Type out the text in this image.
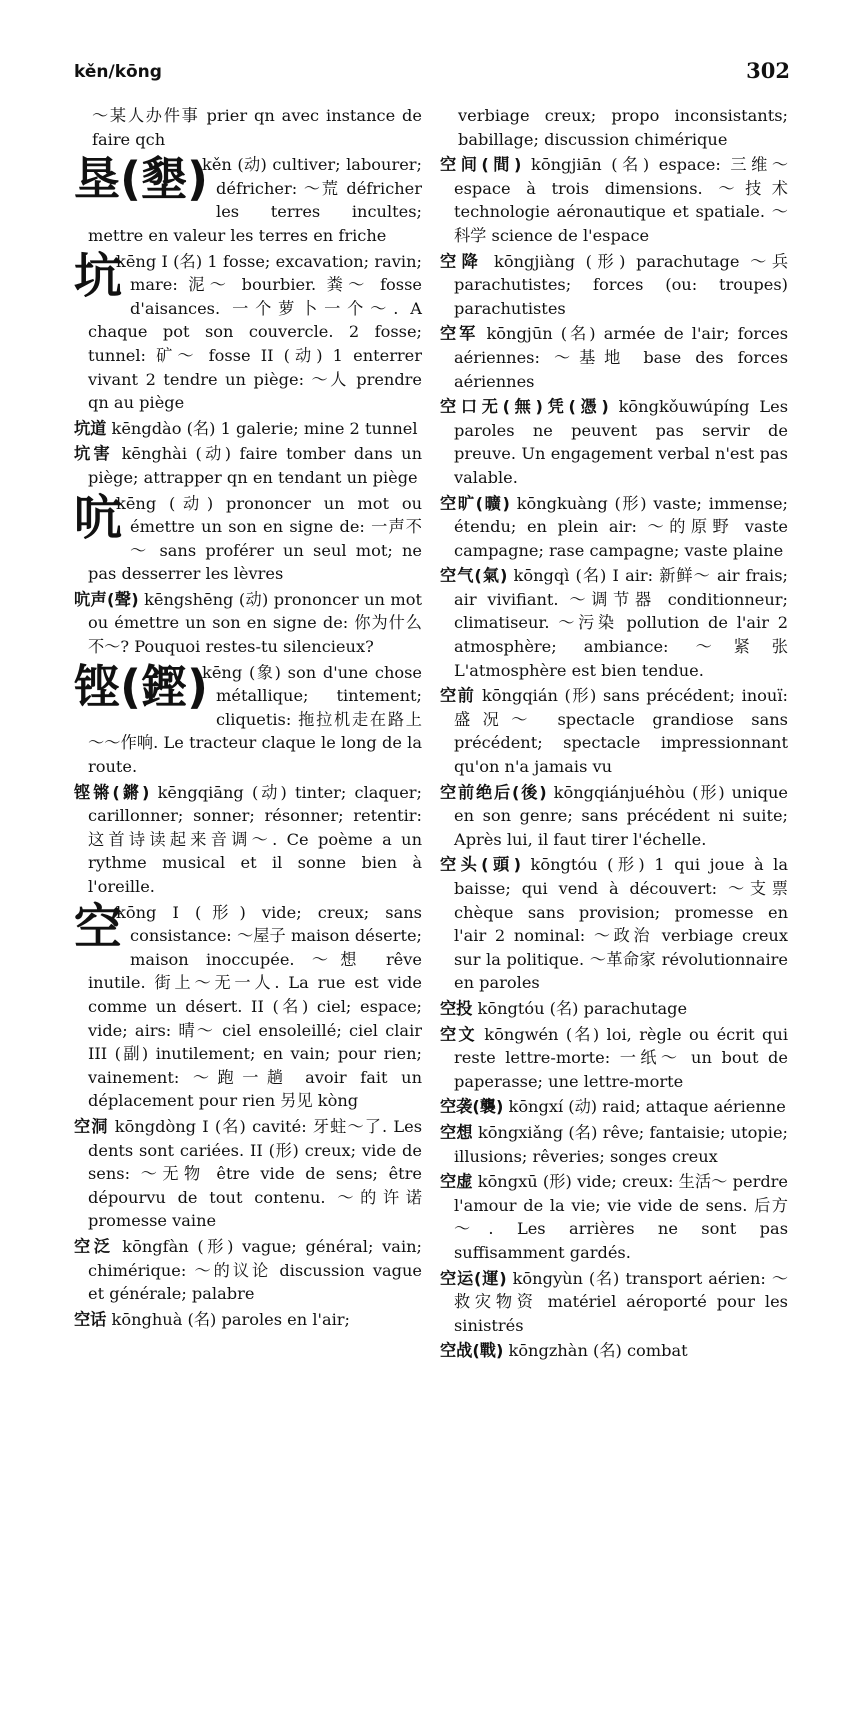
kěn/kōng	302
～某人办件事 prier qn avec instance de faire qch
垦(墾)
kěn (动) cultiver; labourer; défricher: ～荒 défricher les terres incultes; mettre en valeur les terres en friche
坑
kēng I (名) 1 fosse; excavation; ravin; mare: 泥～ bourbier. 粪～ fosse d'aisances. 一个萝卜一个～. A chaque pot son couvercle. 2 fosse; tunnel: 矿～ fosse II (动) 1 enterrer vivant 2 tendre un piège: ～人 prendre qn au piège
坑道 kēngdào (名) 1 galerie; mine 2 tunnel
坑害 kēnghài (动) faire tomber dans un piège; attrapper qn en tendant un piège
吭
kēng (动) prononcer un mot ou émettre un son en signe de: 一声不～ sans proférer un seul mot; ne pas desserrer les lèvres
吭声(聲) kēngshēng (动) prononcer un mot ou émettre un son en signe de: 你为什么不～? Pouquoi restes-tu silencieux?
铿(鏗)
kēng (象) son d'une chose métallique; tintement; cliquetis: 拖拉机走在路上～～作响. Le tracteur claque le long de la route.
铿锵(鏘) kēngqiāng (动) tinter; claquer; carillonner; sonner; résonner; retentir: 这首诗读起来音调～. Ce poème a un rythme musical et il sonne bien à l'oreille.
空
kōng I (形) vide; creux; sans consistance: ～屋子 maison déserte; maison inoccupée. ～想 rêve inutile. 街上～无一人. La rue est vide comme un désert. II (名) ciel; espace; vide; airs: 晴～ ciel ensoleillé; ciel clair III (副) inutilement; en vain; pour rien; vainement: ～跑一趟 avoir fait un déplacement pour rien 另见 kòng
空洞 kōngdòng I (名) cavité: 牙蛀～了. Les dents sont cariées. II (形) creux; vide de sens: ～无物 être vide de sens; être dépourvu de tout contenu. ～的许诺 promesse vaine
空泛 kōngfàn (形) vague; général; vain; chimérique: ～的议论 discussion vague et générale; palabre
空话 kōnghuà (名) paroles en l'air;
verbiage creux; propo inconsistants; babillage; discussion chimérique
空间(間) kōngjiān (名) espace: 三维～ espace à trois dimensions. ～技术 technologie aéronautique et spatiale. ～科学 science de l'espace
空降 kōngjiàng (形) parachutage ～兵 parachutistes; forces (ou: troupes) parachutistes
空军 kōngjūn (名) armée de l'air; forces aériennes: ～基地 base des forces aériennes
空口无(無)凭(憑) kōngkǒuwúpíng Les paroles ne peuvent pas servir de preuve. Un engagement verbal n'est pas valable.
空旷(曠) kōngkuàng (形) vaste; immense; étendu; en plein air: ～的原野 vaste campagne; rase campagne; vaste plaine
空气(氣) kōngqì (名) I air: 新鲜～ air frais; air vivifiant. ～调节器 conditionneur; climatiseur. ～污染 pollution de l'air 2 atmosphère; ambiance: ～紧张 L'atmosphère est bien tendue.
空前 kōngqián (形) sans précédent; inouï: 盛况～ spectacle grandiose sans précédent; spectacle impressionnant qu'on n'a jamais vu
空前绝后(後) kōngqiánjuéhòu (形) unique en son genre; sans précédent ni suite; Après lui, il faut tirer l'échelle.
空头(頭) kōngtóu (形) 1 qui joue à la baisse; qui vend à découvert: ～支票 chèque sans provision; promesse en l'air 2 nominal: ～政治 verbiage creux sur la politique. ～革命家 révolutionnaire en paroles
空投 kōngtóu (名) parachutage
空文 kōngwén (名) loi, règle ou écrit qui reste lettre-morte: 一纸～ un bout de paperasse; une lettre-morte
空袭(襲) kōngxí (动) raid; attaque aérienne
空想 kōngxiǎng (名) rêve; fantaisie; utopie; illusions; rêveries; songes creux
空虚 kōngxū (形) vide; creux: 生活～ perdre l'amour de la vie; vie vide de sens. 后方～. Les arrières ne sont pas suffisamment gardés.
空运(運) kōngyùn (名) transport aérien: ～救灾物资 matériel aéroporté pour les sinistrés
空战(戰) kōngzhàn (名) combat
